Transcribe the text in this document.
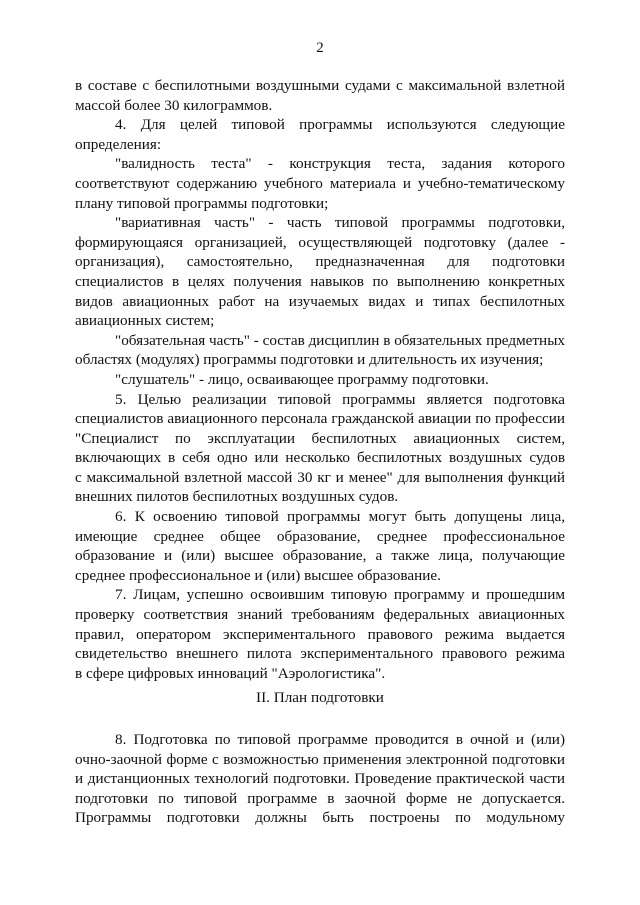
2
в составе с беспилотными воздушными судами с максимальной взлетной
массой более 30 килограммов.
4. Для целей типовой программы используются следующие
определения:
"валидность теста" - конструкция теста, задания которого
соответствуют содержанию учебного материала и учебно-тематическому
плану типовой программы подготовки;
"вариативная часть" - часть типовой программы подготовки,
формирующаяся организацией, осуществляющей подготовку (далее -
организация), самостоятельно, предназначенная для подготовки
специалистов в целях получения навыков по выполнению конкретных
видов авиационных работ на изучаемых видах и типах беспилотных
авиационных систем;
"обязательная часть" - состав дисциплин в обязательных предметных
областях (модулях) программы подготовки и длительность их изучения;
"слушатель" - лицо, осваивающее программу подготовки.
5. Целью реализации типовой программы является подготовка
специалистов авиационного персонала гражданской авиации по профессии
"Специалист по эксплуатации беспилотных авиационных систем,
включающих в себя одно или несколько беспилотных воздушных судов
с максимальной взлетной массой 30 кг и менее" для выполнения функций
внешних пилотов беспилотных воздушных судов.
6. К освоению типовой программы могут быть допущены лица,
имеющие среднее общее образование, среднее профессиональное
образование и (или) высшее образование, а также лица, получающие
среднее профессиональное и (или) высшее образование.
7. Лицам, успешно освоившим типовую программу и прошедшим
проверку соответствия знаний требованиям федеральных авиационных
правил, оператором экспериментального правового режима выдается
свидетельство внешнего пилота экспериментального правового режима
в сфере цифровых инноваций "Аэрологистика".
II. План подготовки
8. Подготовка по типовой программе проводится в очной и (или)
очно-заочной форме с возможностью применения электронной подготовки
и дистанционных технологий подготовки. Проведение практической части
подготовки по типовой программе в заочной форме не допускается.
Программы подготовки должны быть построены по модульному
